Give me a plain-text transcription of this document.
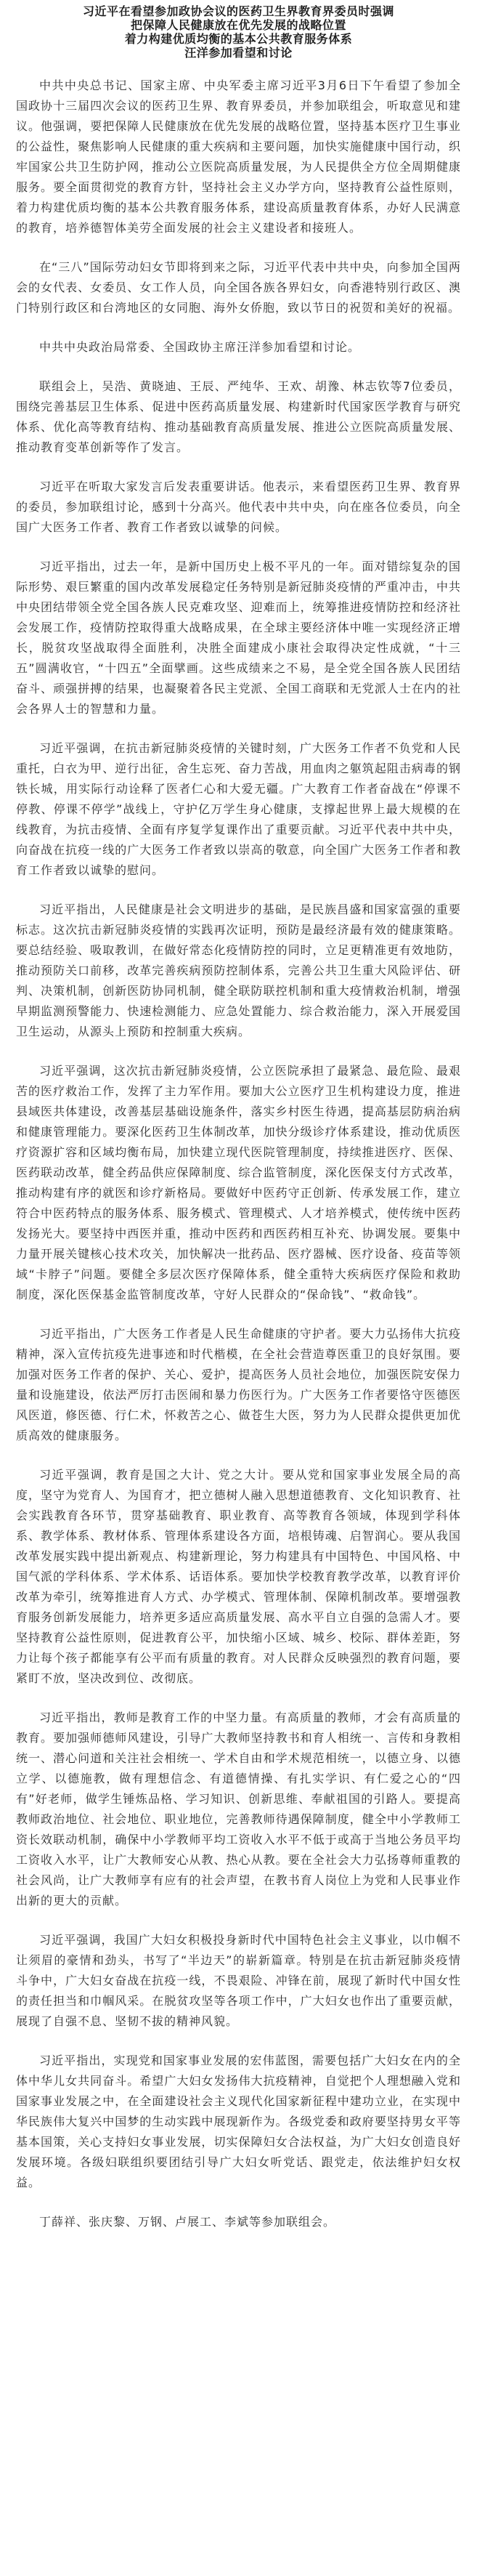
习近平在看望参加政协会议的医药卫生界教育界委员时强调
把保障人民健康放在优先发展的战略位置
着力构建优质均衡的基本公共教育服务体系
汪洋参加看望和讨论

中共中央总书记、国家主席、中央军委主席习近平3月6日下午看望了参加全国政协十三届四次会议的医药卫生界、教育界委员，并参加联组会，听取意见和建议。他强调，要把保障人民健康放在优先发展的战略位置，坚持基本医疗卫生事业的公益性，聚焦影响人民健康的重大疾病和主要问题，加快实施健康中国行动，织牢国家公共卫生防护网，推动公立医院高质量发展，为人民提供全方位全周期健康服务。要全面贯彻党的教育方针，坚持社会主义办学方向，坚持教育公益性原则，着力构建优质均衡的基本公共教育服务体系，建设高质量教育体系，办好人民满意的教育，培养德智体美劳全面发展的社会主义建设者和接班人。

在“三八”国际劳动妇女节即将到来之际，习近平代表中共中央，向参加全国两会的女代表、女委员、女工作人员，向全国各族各界妇女，向香港特别行政区、澳门特别行政区和台湾地区的女同胞、海外女侨胞，致以节日的祝贺和美好的祝福。

中共中央政治局常委、全国政协主席汪洋参加看望和讨论。

联组会上，吴浩、黄晓迪、王辰、严纯华、王欢、胡豫、林志钦等7位委员，围绕完善基层卫生体系、促进中医药高质量发展、构建新时代国家医学教育与研究体系、优化高等教育结构、推动基础教育高质量发展、推进公立医院高质量发展、推动教育变革创新等作了发言。

习近平在听取大家发言后发表重要讲话。他表示，来看望医药卫生界、教育界的委员，参加联组讨论，感到十分高兴。他代表中共中央，向在座各位委员，向全国广大医务工作者、教育工作者致以诚挚的问候。

习近平指出，过去一年，是新中国历史上极不平凡的一年。面对错综复杂的国际形势、艰巨繁重的国内改革发展稳定任务特别是新冠肺炎疫情的严重冲击，中共中央团结带领全党全国各族人民克难攻坚、迎难而上，统筹推进疫情防控和经济社会发展工作，疫情防控取得重大战略成果，在全球主要经济体中唯一实现经济正增长，脱贫攻坚战取得全面胜利，决胜全面建成小康社会取得决定性成就，“十三五”圆满收官，“十四五”全面擘画。这些成绩来之不易，是全党全国各族人民团结奋斗、顽强拼搏的结果，也凝聚着各民主党派、全国工商联和无党派人士在内的社会各界人士的智慧和力量。

习近平强调，在抗击新冠肺炎疫情的关键时刻，广大医务工作者不负党和人民重托，白衣为甲、逆行出征，舍生忘死、奋力苦战，用血肉之躯筑起阻击病毒的钢铁长城，用实际行动诠释了医者仁心和大爱无疆。广大教育工作者奋战在“停课不停教、停课不停学”战线上，守护亿万学生身心健康，支撑起世界上最大规模的在线教育，为抗击疫情、全面有序复学复课作出了重要贡献。习近平代表中共中央，向奋战在抗疫一线的广大医务工作者致以崇高的敬意，向全国广大医务工作者和教育工作者致以诚挚的慰问。

习近平指出，人民健康是社会文明进步的基础，是民族昌盛和国家富强的重要标志。这次抗击新冠肺炎疫情的实践再次证明，预防是最经济最有效的健康策略。要总结经验、吸取教训，在做好常态化疫情防控的同时，立足更精准更有效地防，推动预防关口前移，改革完善疾病预防控制体系，完善公共卫生重大风险评估、研判、决策机制，创新医防协同机制，健全联防联控机制和重大疫情救治机制，增强早期监测预警能力、快速检测能力、应急处置能力、综合救治能力，深入开展爱国卫生运动，从源头上预防和控制重大疾病。

习近平强调，这次抗击新冠肺炎疫情，公立医院承担了最紧急、最危险、最艰苦的医疗救治工作，发挥了主力军作用。要加大公立医疗卫生机构建设力度，推进县域医共体建设，改善基层基础设施条件，落实乡村医生待遇，提高基层防病治病和健康管理能力。要深化医药卫生体制改革，加快分级诊疗体系建设，推动优质医疗资源扩容和区域均衡布局，加快建立现代医院管理制度，持续推进医疗、医保、医药联动改革，健全药品供应保障制度、综合监管制度，深化医保支付方式改革，推动构建有序的就医和诊疗新格局。要做好中医药守正创新、传承发展工作，建立符合中医药特点的服务体系、服务模式、管理模式、人才培养模式，使传统中医药发扬光大。要坚持中西医并重，推动中医药和西医药相互补充、协调发展。要集中力量开展关键核心技术攻关，加快解决一批药品、医疗器械、医疗设备、疫苗等领域“卡脖子”问题。要健全多层次医疗保障体系，健全重特大疾病医疗保险和救助制度，深化医保基金监管制度改革，守好人民群众的“保命钱”、“救命钱”。

习近平指出，广大医务工作者是人民生命健康的守护者。要大力弘扬伟大抗疫精神，深入宣传抗疫先进事迹和时代楷模，在全社会营造尊医重卫的良好氛围。要加强对医务工作者的保护、关心、爱护，提高医务人员社会地位，加强医院安保力量和设施建设，依法严厉打击医闹和暴力伤医行为。广大医务工作者要恪守医德医风医道，修医德、行仁术，怀救苦之心、做苍生大医，努力为人民群众提供更加优质高效的健康服务。

习近平强调，教育是国之大计、党之大计。要从党和国家事业发展全局的高度，坚守为党育人、为国育才，把立德树人融入思想道德教育、文化知识教育、社会实践教育各环节，贯穿基础教育、职业教育、高等教育各领域，体现到学科体系、教学体系、教材体系、管理体系建设各方面，培根铸魂、启智润心。要从我国改革发展实践中提出新观点、构建新理论，努力构建具有中国特色、中国风格、中国气派的学科体系、学术体系、话语体系。要加快学校教育教学改革，以教育评价改革为牵引，统筹推进育人方式、办学模式、管理体制、保障机制改革。要增强教育服务创新发展能力，培养更多适应高质量发展、高水平自立自强的急需人才。要坚持教育公益性原则，促进教育公平，加快缩小区域、城乡、校际、群体差距，努力让每个孩子都能享有公平而有质量的教育。对人民群众反映强烈的教育问题，要紧盯不放，坚决改到位、改彻底。

习近平指出，教师是教育工作的中坚力量。有高质量的教师，才会有高质量的教育。要加强师德师风建设，引导广大教师坚持教书和育人相统一、言传和身教相统一、潜心问道和关注社会相统一、学术自由和学术规范相统一，以德立身、以德立学、以德施教，做有理想信念、有道德情操、有扎实学识、有仁爱之心的“四有”好老师，做学生锤炼品格、学习知识、创新思维、奉献祖国的引路人。要提高教师政治地位、社会地位、职业地位，完善教师待遇保障制度，健全中小学教师工资长效联动机制，确保中小学教师平均工资收入水平不低于或高于当地公务员平均工资收入水平，让广大教师安心从教、热心从教。要在全社会大力弘扬尊师重教的社会风尚，让广大教师享有应有的社会声望，在教书育人岗位上为党和人民事业作出新的更大的贡献。

习近平强调，我国广大妇女积极投身新时代中国特色社会主义事业，以巾帼不让须眉的豪情和劲头，书写了“半边天”的崭新篇章。特别是在抗击新冠肺炎疫情斗争中，广大妇女奋战在抗疫一线，不畏艰险、冲锋在前，展现了新时代中国女性的责任担当和巾帼风采。在脱贫攻坚等各项工作中，广大妇女也作出了重要贡献，展现了自强不息、坚韧不拔的精神风貌。

习近平指出，实现党和国家事业发展的宏伟蓝图，需要包括广大妇女在内的全体中华儿女共同奋斗。希望广大妇女发扬伟大抗疫精神，自觉把个人理想融入党和国家事业发展之中，在全面建设社会主义现代化国家新征程中建功立业，在实现中华民族伟大复兴中国梦的生动实践中展现新作为。各级党委和政府要坚持男女平等基本国策，关心支持妇女事业发展，切实保障妇女合法权益，为广大妇女创造良好发展环境。各级妇联组织要团结引导广大妇女听党话、跟党走，依法维护妇女权益。

丁薛祥、张庆黎、万钢、卢展工、李斌等参加联组会。
